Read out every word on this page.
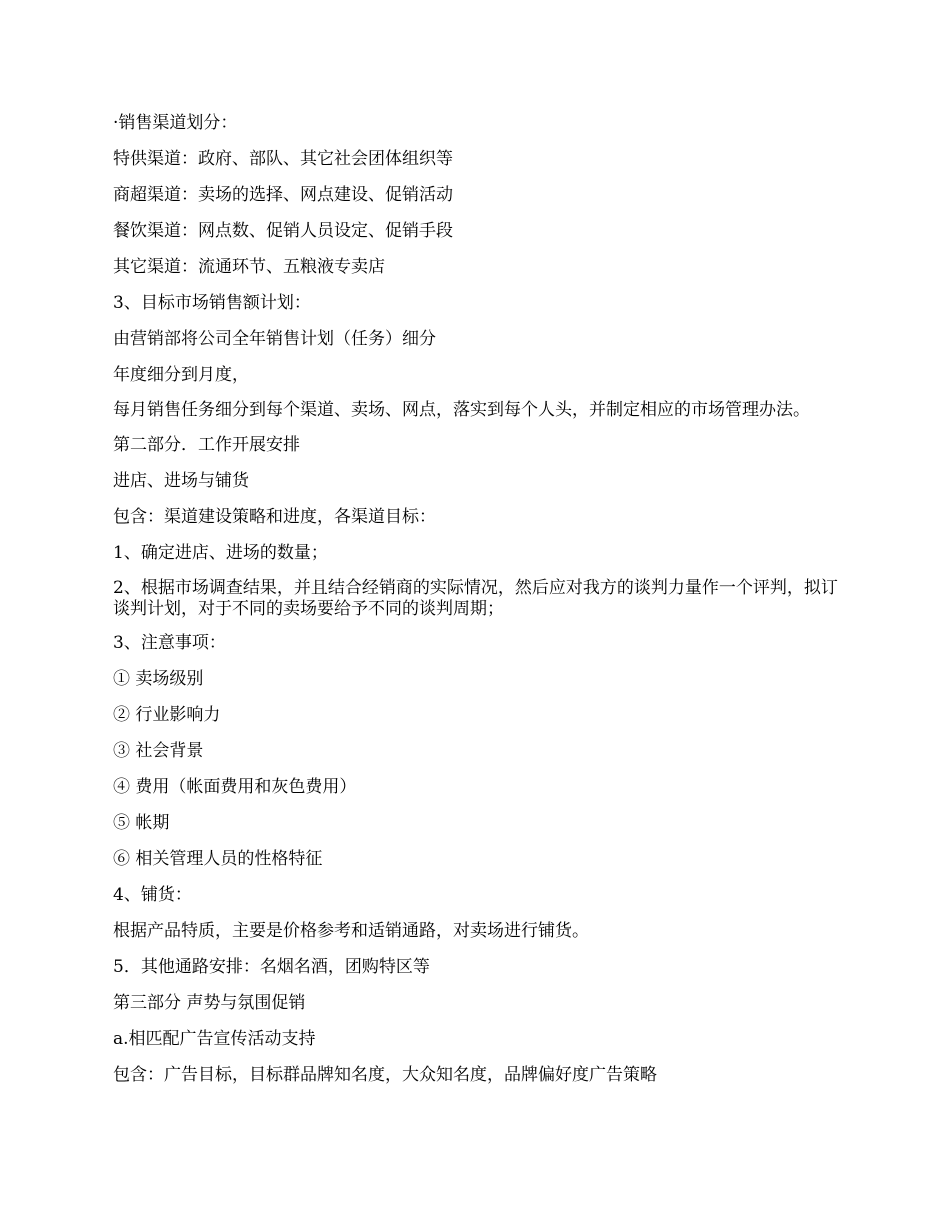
·销售渠道划分：

特供渠道：政府、部队、其它社会团体组织等

商超渠道：卖场的选择、网点建设、促销活动

餐饮渠道：网点数、促销人员设定、促销手段

其它渠道：流通环节、五粮液专卖店

3、目标市场销售额计划：

由营销部将公司全年销售计划（任务）细分

年度细分到月度，

每月销售任务细分到每个渠道、卖场、网点，落实到每个人头，并制定相应的市场管理办法。

第二部分．工作开展安排

进店、进场与铺货

包含：渠道建设策略和进度，各渠道目标：

1、确定进店、进场的数量；

2、根据市场调查结果，并且结合经销商的实际情况，然后应对我方的谈判力量作一个评判，拟订谈判计划，对于不同的卖场要给予不同的谈判周期；

3、注意事项：

① 卖场级别

② 行业影响力

③ 社会背景

④ 费用（帐面费用和灰色费用）

⑤ 帐期

⑥ 相关管理人员的性格特征

4、铺货：

根据产品特质，主要是价格参考和适销通路，对卖场进行铺货。

5．其他通路安排：名烟名酒，团购特区等

第三部分 声势与氛围促销

a.相匹配广告宣传活动支持

包含：广告目标，目标群品牌知名度，大众知名度，品牌偏好度广告策略
